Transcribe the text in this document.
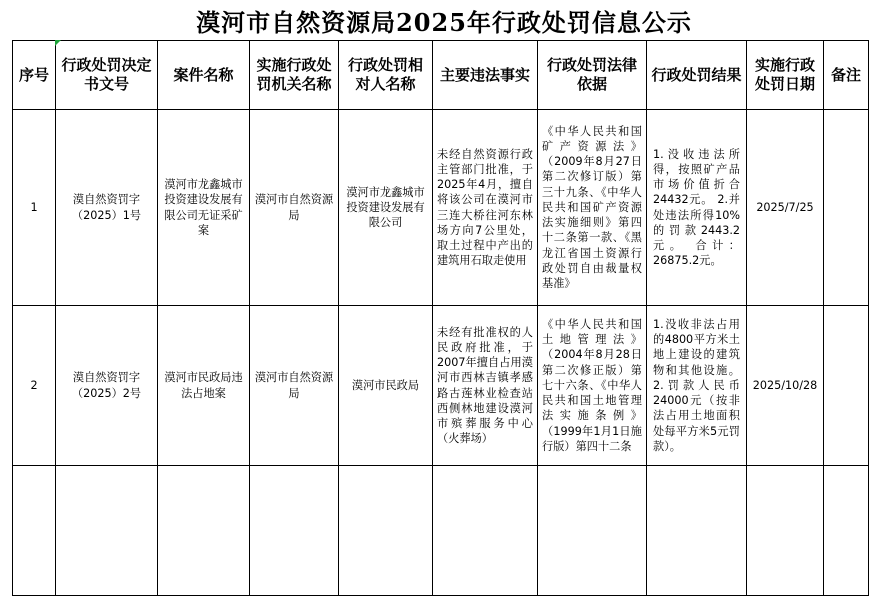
漠河市自然资源局2025年行政处罚信息公示
序号	行政处罚决定书文号	案件名称	实施行政处罚机关名称	行政处罚相对人名称	主要违法事实	行政处罚法律依据	行政处罚结果	实施行政处罚日期	备注
1	漠自然资罚字（2025）1号	漠河市龙鑫城市投资建设发展有限公司无证采矿案	漠河市自然资源局	漠河市龙鑫城市投资建设发展有限公司	未经自然资源行政主管部门批准，于2025年4月，擅自将该公司在漠河市三连大桥往河东林场方向7公里处，取土过程中产出的建筑用石取走使用	《中华人民共和国矿产资源法》（2009年8月27日第二次修订版）第三十九条、《中华人民共和国矿产资源法实施细则》第四十二条第一款、《黑龙江省国土资源行政处罚自由裁量权基准》	1.没收违法所得，按照矿产品市场价值折合24432元。 2.并处违法所得10%的罚款2443.2元。 合计：26875.2元。	2025/7/25	
2	漠自然资罚字（2025）2号	漠河市民政局违法占地案	漠河市自然资源局	漠河市民政局	未经有批准权的人民政府批准，于2007年擅自占用漠河市西林吉镇孝感路古莲林业检查站西侧林地建设漠河市殡葬服务中心（火葬场）	《中华人民共和国土地管理法》（2004年8月28日第二次修正版）第七十六条、《中华人民共和国土地管理法实施条例》（1999年1月1日施行版）第四十二条	1.没收非法占用的4800平方米土地上建设的建筑物和其他设施。 2.罚款人民币24000元（按非法占用土地面积处每平方米5元罚款）。	2025/10/28	
